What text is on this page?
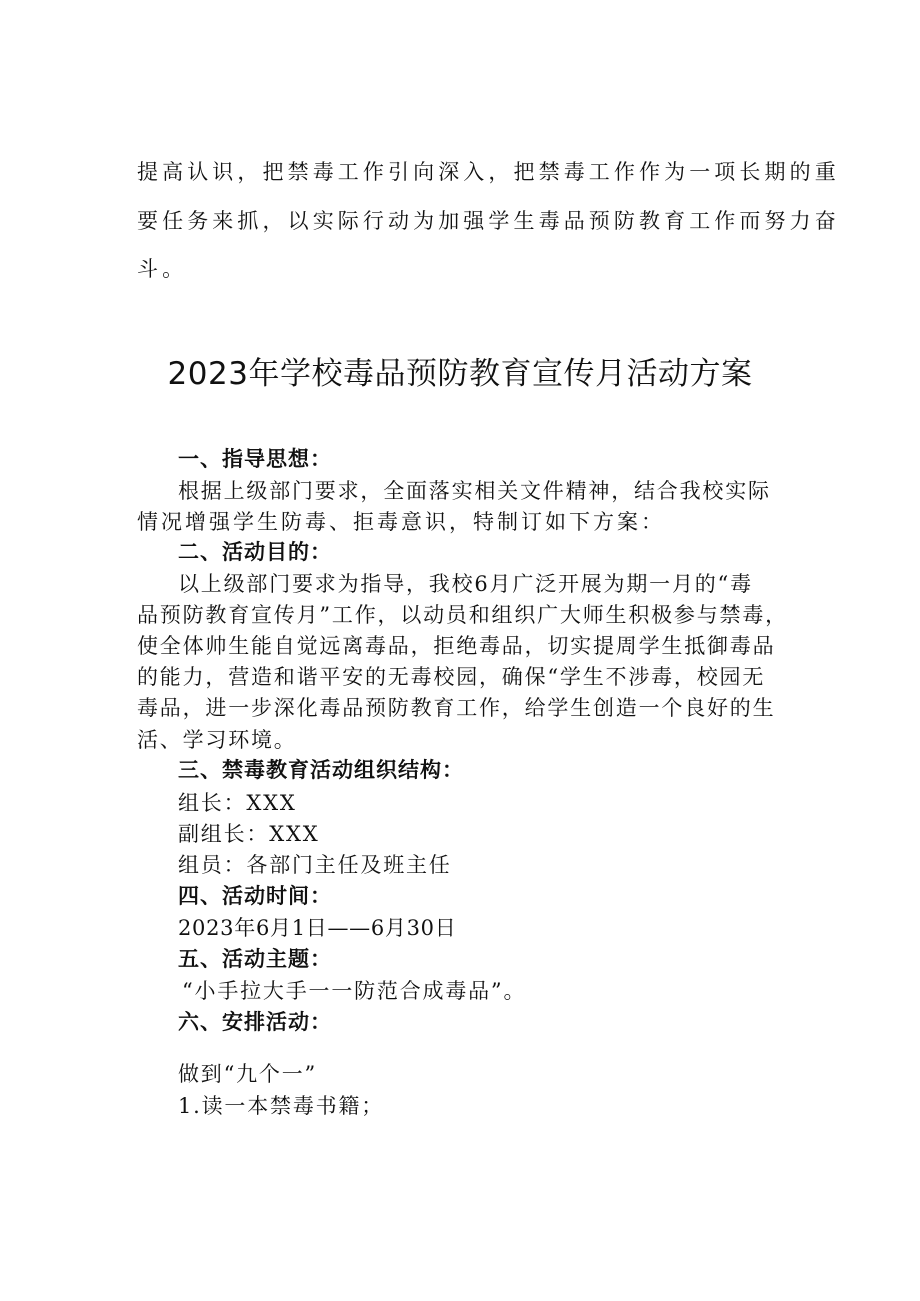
提高认识，把禁毒工作引向深入，把禁毒工作作为一项长期的重
要任务来抓，以实际行动为加强学生毒品预防教育工作而努力奋
斗。
2023年学校毒品预防教育宣传月活动方案
一、指导思想：
根据上级部门要求，全面落实相关文件精神，结合我校实际
情况增强学生防毒、拒毒意识，特制订如下方案：
二、活动目的：
以上级部门要求为指导，我校6月广泛开展为期一月的“毒
品预防教育宣传月”工作，以动员和组织广大师生积极参与禁毒，
使全体帅生能自觉远离毒品，拒绝毒品，切实提周学生抵御毒品
的能力，营造和谐平安的无毒校园，确保“学生不涉毒，校园无
毒品，进一步深化毒品预防教育工作，给学生创造一个良好的生
活、学习环境。
三、禁毒教育活动组织结构：
组长：XXX
副组长：XXX
组员：各部门主任及班主任
四、活动时间：
2023年6月1日——6月30日
五、活动主题：
“小手拉大手一一防范合成毒品”。
六、安排活动：
做到“九个一”
1.读一本禁毒书籍；
